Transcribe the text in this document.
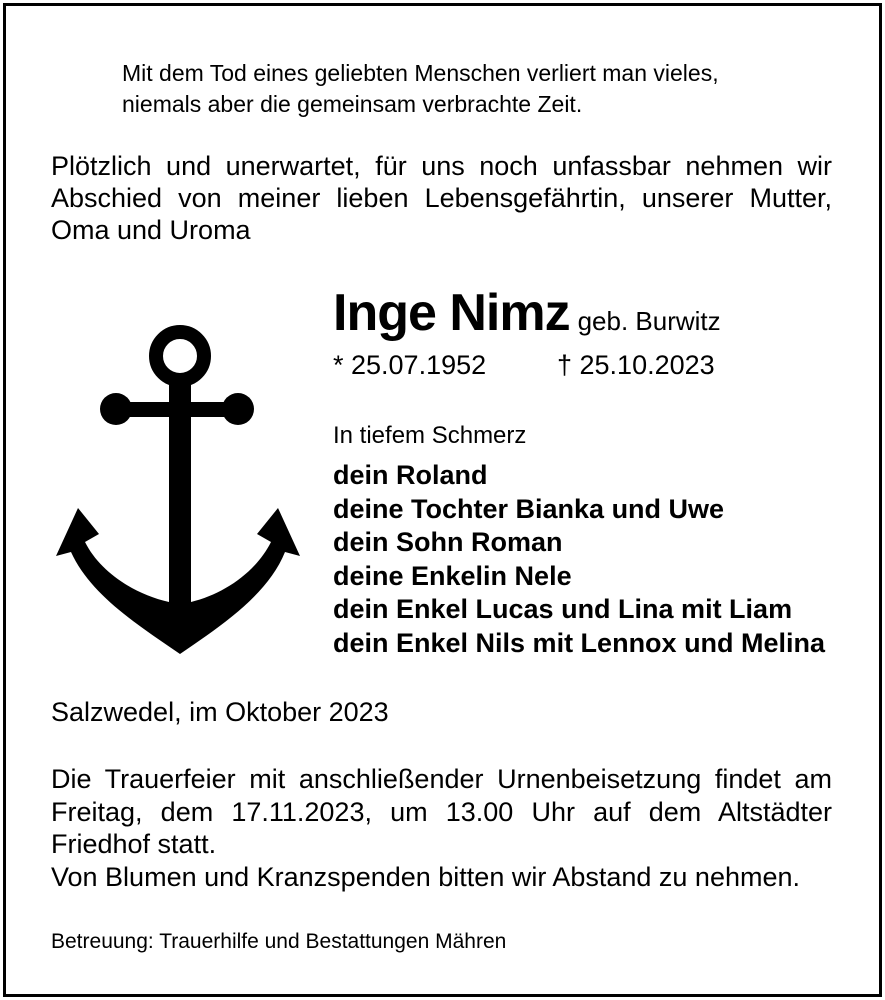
Mit dem Tod eines geliebten Menschen verliert man vieles,
niemals aber die gemeinsam verbrachte Zeit.
Plötzlich und unerwartet, für uns noch unfassbar nehmen wir
Abschied von meiner lieben Lebensgefährtin, unserer Mutter,
Oma und Uroma
Inge Nimz geb. Burwitz
* 25.07.1952	† 25.10.2023
In tiefem Schmerz
dein Roland
deine Tochter Bianka und Uwe
dein Sohn Roman
deine Enkelin Nele
dein Enkel Lucas und Lina mit Liam
dein Enkel Nils mit Lennox und Melina
Salzwedel, im Oktober 2023
Die Trauerfeier mit anschließender Urnenbeisetzung findet am
Freitag, dem 17.11.2023, um 13.00 Uhr auf dem Altstädter
Friedhof statt.
Von Blumen und Kranzspenden bitten wir Abstand zu nehmen.
Betreuung: Trauerhilfe und Bestattungen Mähren
